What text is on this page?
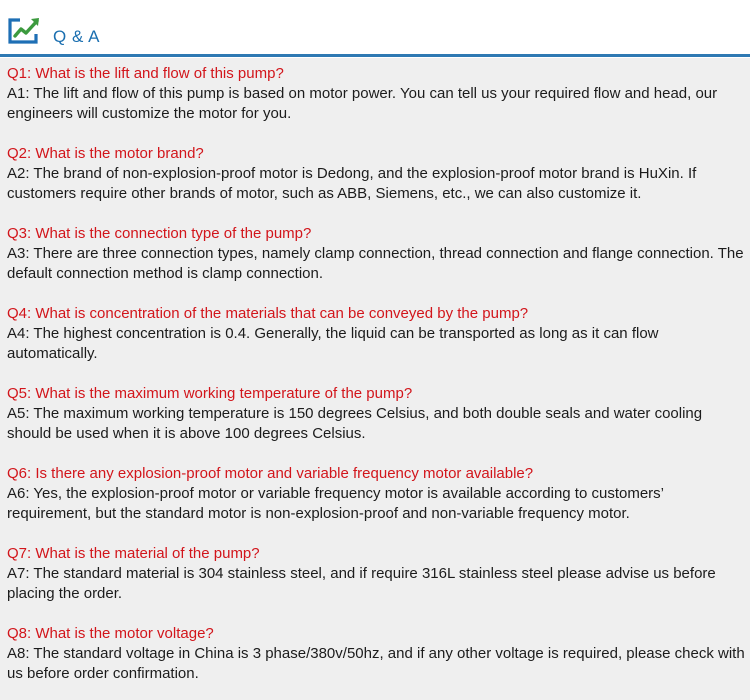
Q & A
Q1: What is the lift and flow of this pump?
A1: The lift and flow of this pump is based on motor power. You can tell us your required flow and head, our engineers will customize the motor for you.
Q2: What is the motor brand?
A2: The brand of non-explosion-proof motor is Dedong, and the explosion-proof motor brand is HuXin. If customers require other brands of motor, such as ABB, Siemens, etc., we can also customize it.
Q3: What is the connection type of the pump?
A3: There are three connection types, namely clamp connection, thread connection and flange connection. The default connection method is clamp connection.
Q4: What is concentration of the materials that can be conveyed by the pump?
A4: The highest concentration is 0.4. Generally, the liquid can be transported as long as it can flow automatically.
Q5: What is the maximum working temperature of the pump?
A5: The maximum working temperature is 150 degrees Celsius, and both double seals and water cooling should be used when it is above 100 degrees Celsius.
Q6: Is there any explosion-proof motor and variable frequency motor available?
A6: Yes, the explosion-proof motor or variable frequency motor is available according to customers’ requirement, but the standard motor is non-explosion-proof and non-variable frequency motor.
Q7: What is the material of the pump?
A7: The standard material is 304 stainless steel, and if require 316L stainless steel please advise us before placing the order.
Q8: What is the motor voltage?
A8: The standard voltage in China is 3 phase/380v/50hz, and if any other voltage is required, please check with us before order confirmation.
